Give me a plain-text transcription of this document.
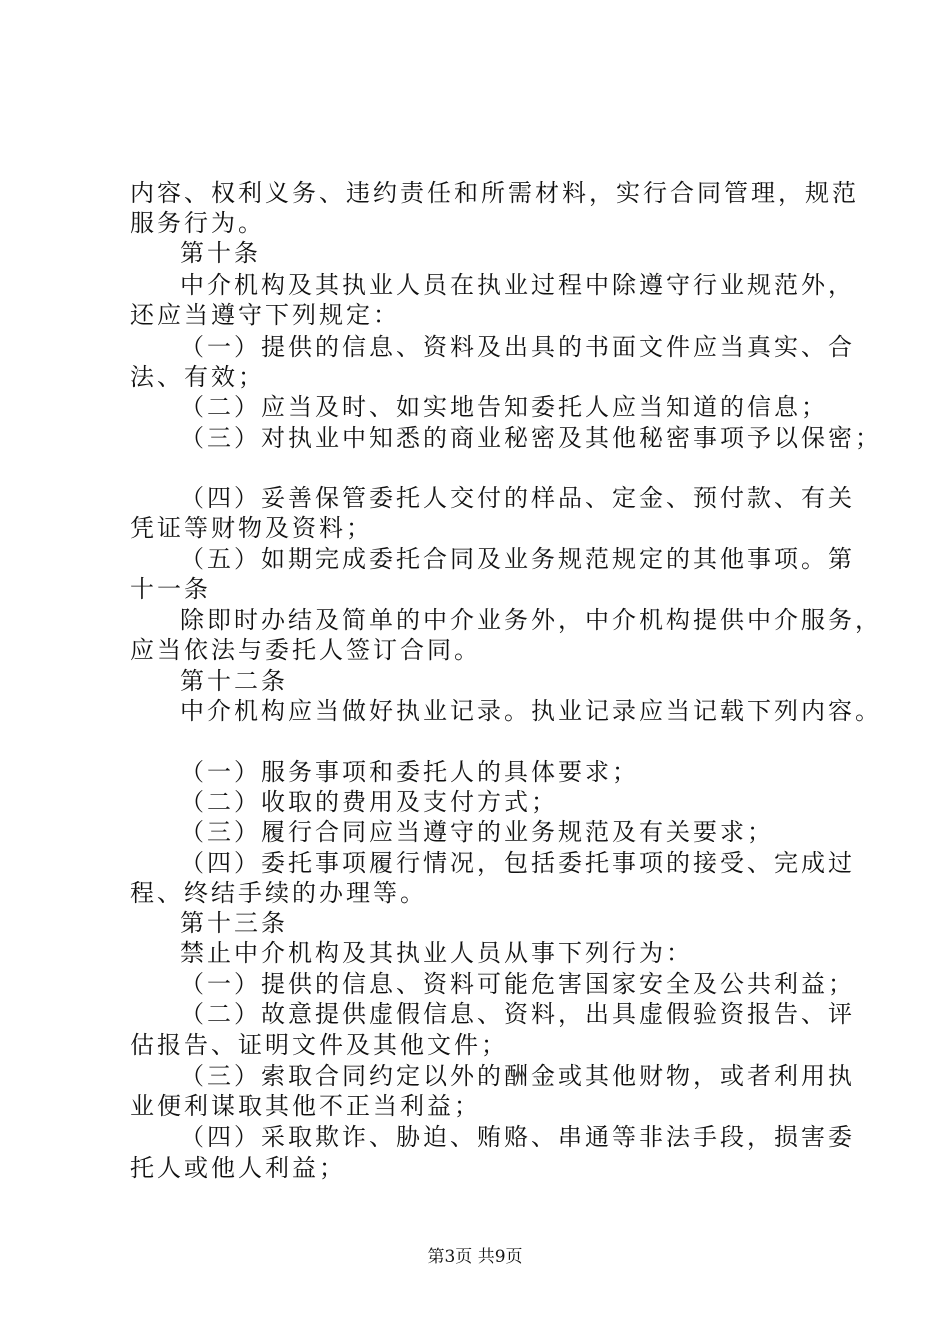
内容、权利义务、违约责任和所需材料，实行合同管理，规范
服务行为。
第十条
中介机构及其执业人员在执业过程中除遵守行业规范外，
还应当遵守下列规定：
（一）提供的信息、资料及出具的书面文件应当真实、合
法、有效；
（二）应当及时、如实地告知委托人应当知道的信息；
（三）对执业中知悉的商业秘密及其他秘密事项予以保密；
（四）妥善保管委托人交付的样品、定金、预付款、有关
凭证等财物及资料；
（五）如期完成委托合同及业务规范规定的其他事项。第
十一条
除即时办结及简单的中介业务外，中介机构提供中介服务，
应当依法与委托人签订合同。
第十二条
中介机构应当做好执业记录。执业记录应当记载下列内容。
（一）服务事项和委托人的具体要求；
（二）收取的费用及支付方式；
（三）履行合同应当遵守的业务规范及有关要求；
（四）委托事项履行情况，包括委托事项的接受、完成过
程、终结手续的办理等。
第十三条
禁止中介机构及其执业人员从事下列行为：
（一）提供的信息、资料可能危害国家安全及公共利益；
（二）故意提供虚假信息、资料，出具虚假验资报告、评
估报告、证明文件及其他文件；
（三）索取合同约定以外的酬金或其他财物，或者利用执
业便利谋取其他不正当利益；
（四）采取欺诈、胁迫、贿赂、串通等非法手段，损害委
托人或他人利益；
第3页 共9页
